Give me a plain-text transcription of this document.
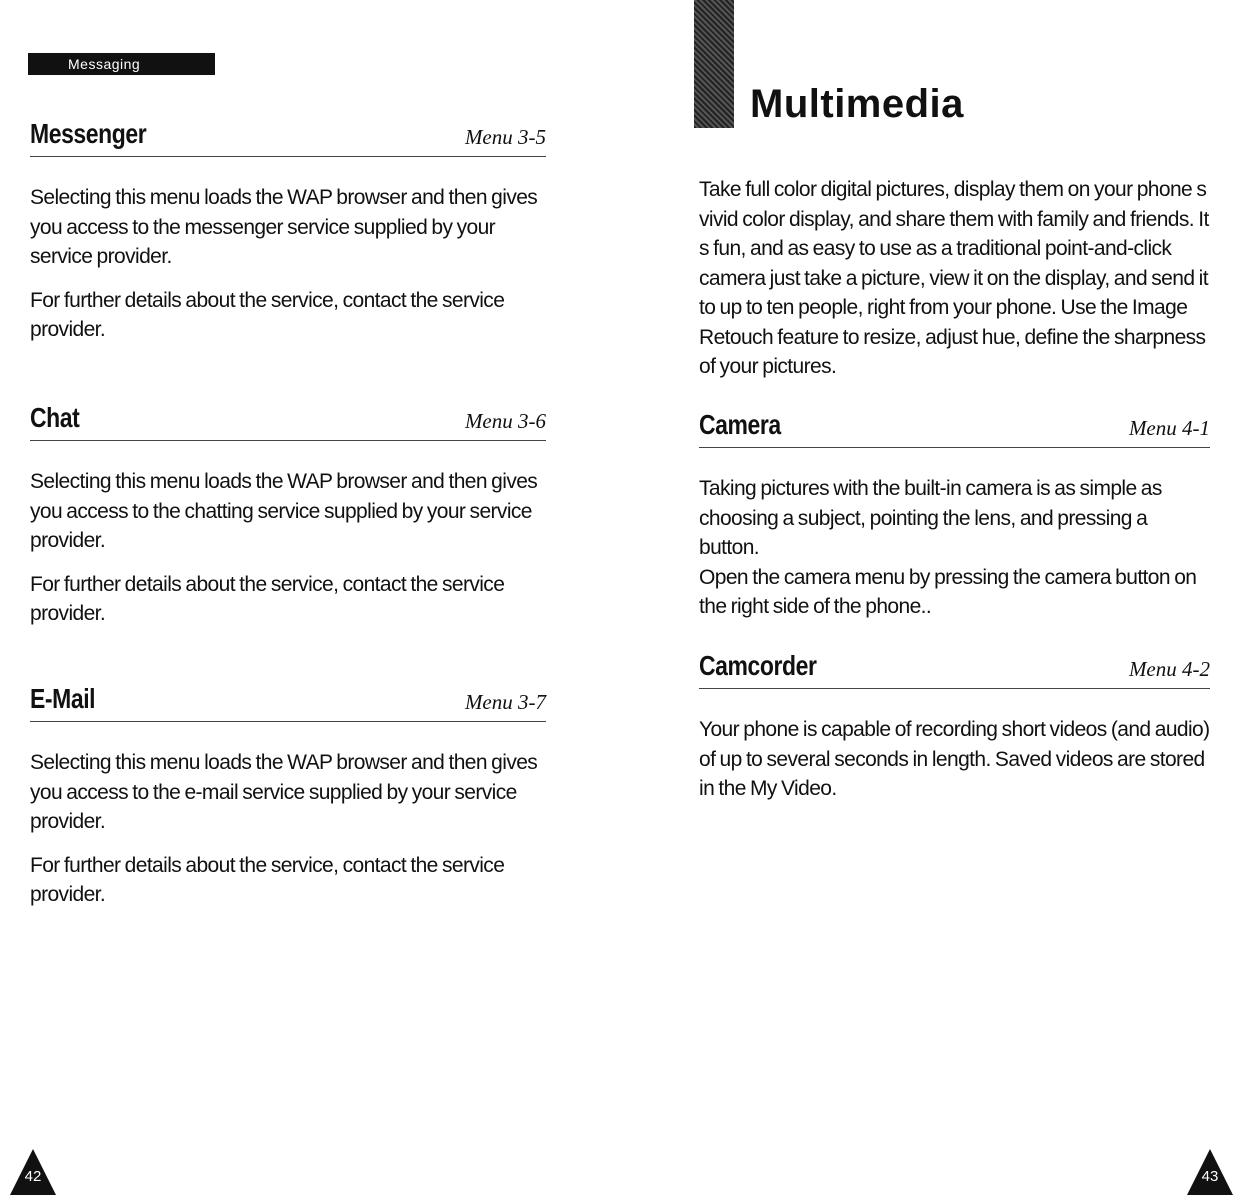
Messaging
Messenger	Menu 3-5

Selecting this menu loads the WAP browser and then gives you access to the messenger service supplied by your service provider.

For further details about the service, contact the service provider.

Chat	Menu 3-6

Selecting this menu loads the WAP browser and then gives you access to the chatting service supplied by your service provider.

For further details about the service, contact the service provider.

E-Mail	Menu 3-7

Selecting this menu loads the WAP browser and then gives you access to the e-mail service supplied by your service provider.

For further details about the service, contact the service provider.

42
Multimedia

Take full color digital pictures, display them on your phone s vivid color display, and share them with family and friends. It s fun, and as easy to use as a traditional point-and-click camera just take a picture, view it on the display, and send it to up to ten people, right from your phone. Use the Image Retouch feature to resize, adjust hue, define the sharpness of your pictures.

Camera	Menu 4-1

Taking pictures with the built-in camera is as simple as choosing a subject, pointing the lens, and pressing a button.

Open the camera menu by pressing the camera button on the right side of the phone..

Camcorder	Menu 4-2

Your phone is capable of recording short videos (and audio) of up to several seconds in length. Saved videos are stored in the My Video.

43
